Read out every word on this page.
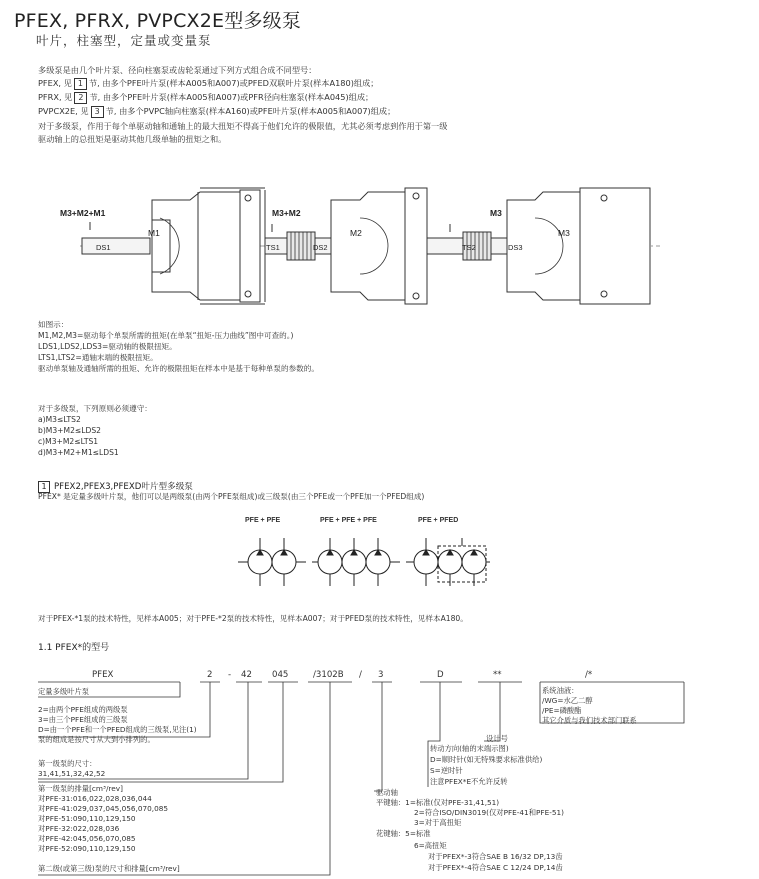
PFEX, PFRX, PVPCX2E型多级泵
叶片，柱塞型，定量或变量泵
多级泵是由几个叶片泵、径向柱塞泵或齿轮泵通过下列方式组合成不同型号：
PFEX, 见 1 节, 由多个PFE叶片泵(样本A005和A007)或PFED双联叶片泵(样本A180)组成；
PFRX, 见 2 节, 由多个PFE叶片泵(样本A005和A007)或PFR径向柱塞泵(样本A045)组成；
PVPCX2E, 见 3 节, 由多个PVPC轴向柱塞泵(样本A160)或PFE叶片泵(样本A005和A007)组成；
对于多级泵，作用于每个单驱动轴和通轴上的最大扭矩不得高于他们允许的极限值，尤其必须考虑到作用于第一级
驱动轴上的总扭矩是驱动其他几级单轴的扭矩之和。
M3+M2+M1	M3+M2	M3
M1	M2	M3
DS1	TS1	DS2	TS2	DS3
如图示：
M1,M2,M3=驱动每个单泵所需的扭矩(在单泵“扭矩-压力曲线”图中可查的。)
LDS1,LDS2,LDS3=驱动轴的极限扭矩。
LTS1,LTS2=通轴末端的极限扭矩。
驱动单泵轴及通轴所需的扭矩、允许的极限扭矩在样本中是基于每种单泵的参数的。
对于多级泵，下列原则必须遵守：
a)M3≤LTS2
b)M3+M2≤LDS2
c)M3+M2≤LTS1
d)M3+M2+M1≤LDS1
1 PFEX2,PFEX3,PFEXD叶片型多级泵
PFEX* 是定量多级叶片泵，他们可以是两级泵(由两个PFE泵组成)或三级泵(由三个PFE或一个PFE加一个PFED组成)
PFE + PFE	PFE + PFE + PFE	PFE + PFED
对于PFEX-*1泵的技术特性，见样本A005；对于PFE-*2泵的技术特性，见样本A007；对于PFED泵的技术特性，见样本A180。
1.1 PFEX*的型号
PFEX	2 - 42 045	/3102B / 3	D	**	/*
定量多级叶片泵
2=由两个PFE组成的两级泵
3=由三个PFE组成的三级泵
D=由一个PFE和一个PFED组成的三级泵,见注(1)
泵的组成是按尺寸从大到小排列的。
第一级泵的尺寸：
31,41,51,32,42,52
第一级泵的排量[cm³/rev]
对PFE-31:016,022,028,036,044
对PFE-41:029,037,045,056,070,085
对PFE-51:090,110,129,150
对PFE-32:022,028,036
对PFE-42:045,056,070,085
对PFE-52:090,110,129,150
第二级(或第三级)泵的尺寸和排量[cm³/rev]
系统油液：
/WG=水乙二醇
/PE=磷酸酯
其它介质与我们技术部门联系
设计号
转动方向(轴的末端示图)
D=顺时针(如无特殊要求标准供给)
S=逆时针
注意PFEX*E不允许反转
驱动轴
平键轴：1=标准(仅对PFE-31,41,51)
2=符合ISO/DIN3019(仅对PFE-41和PFE-51)
3=对于高扭矩
花键轴：5=标准
6=高扭矩
对于PFEX*-3符合SAE B 16/32 DP,13齿
对于PFEX*-4符合SAE C 12/24 DP,14齿
